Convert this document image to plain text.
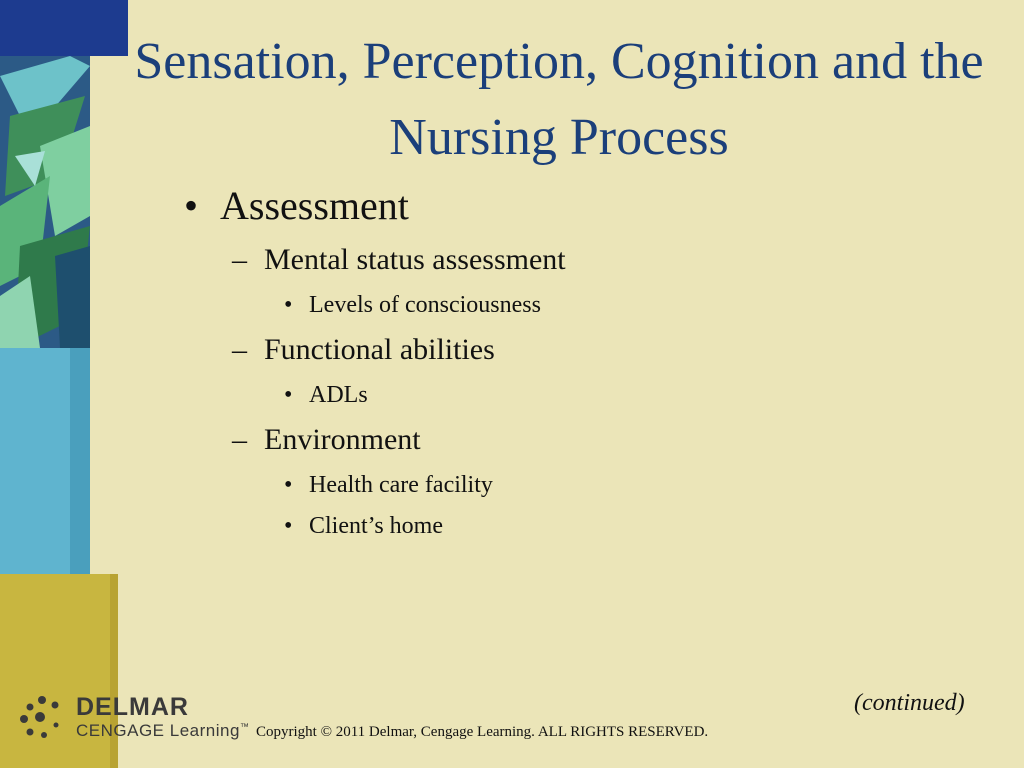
Sensation, Perception, Cognition and the Nursing Process
• Assessment
– Mental status assessment
• Levels of consciousness
– Functional abilities
• ADLs
– Environment
• Health care facility
• Client’s home
(continued)
DELMAR
CENGAGE Learning™ Copyright © 2011 Delmar, Cengage Learning. ALL RIGHTS RESERVED.
